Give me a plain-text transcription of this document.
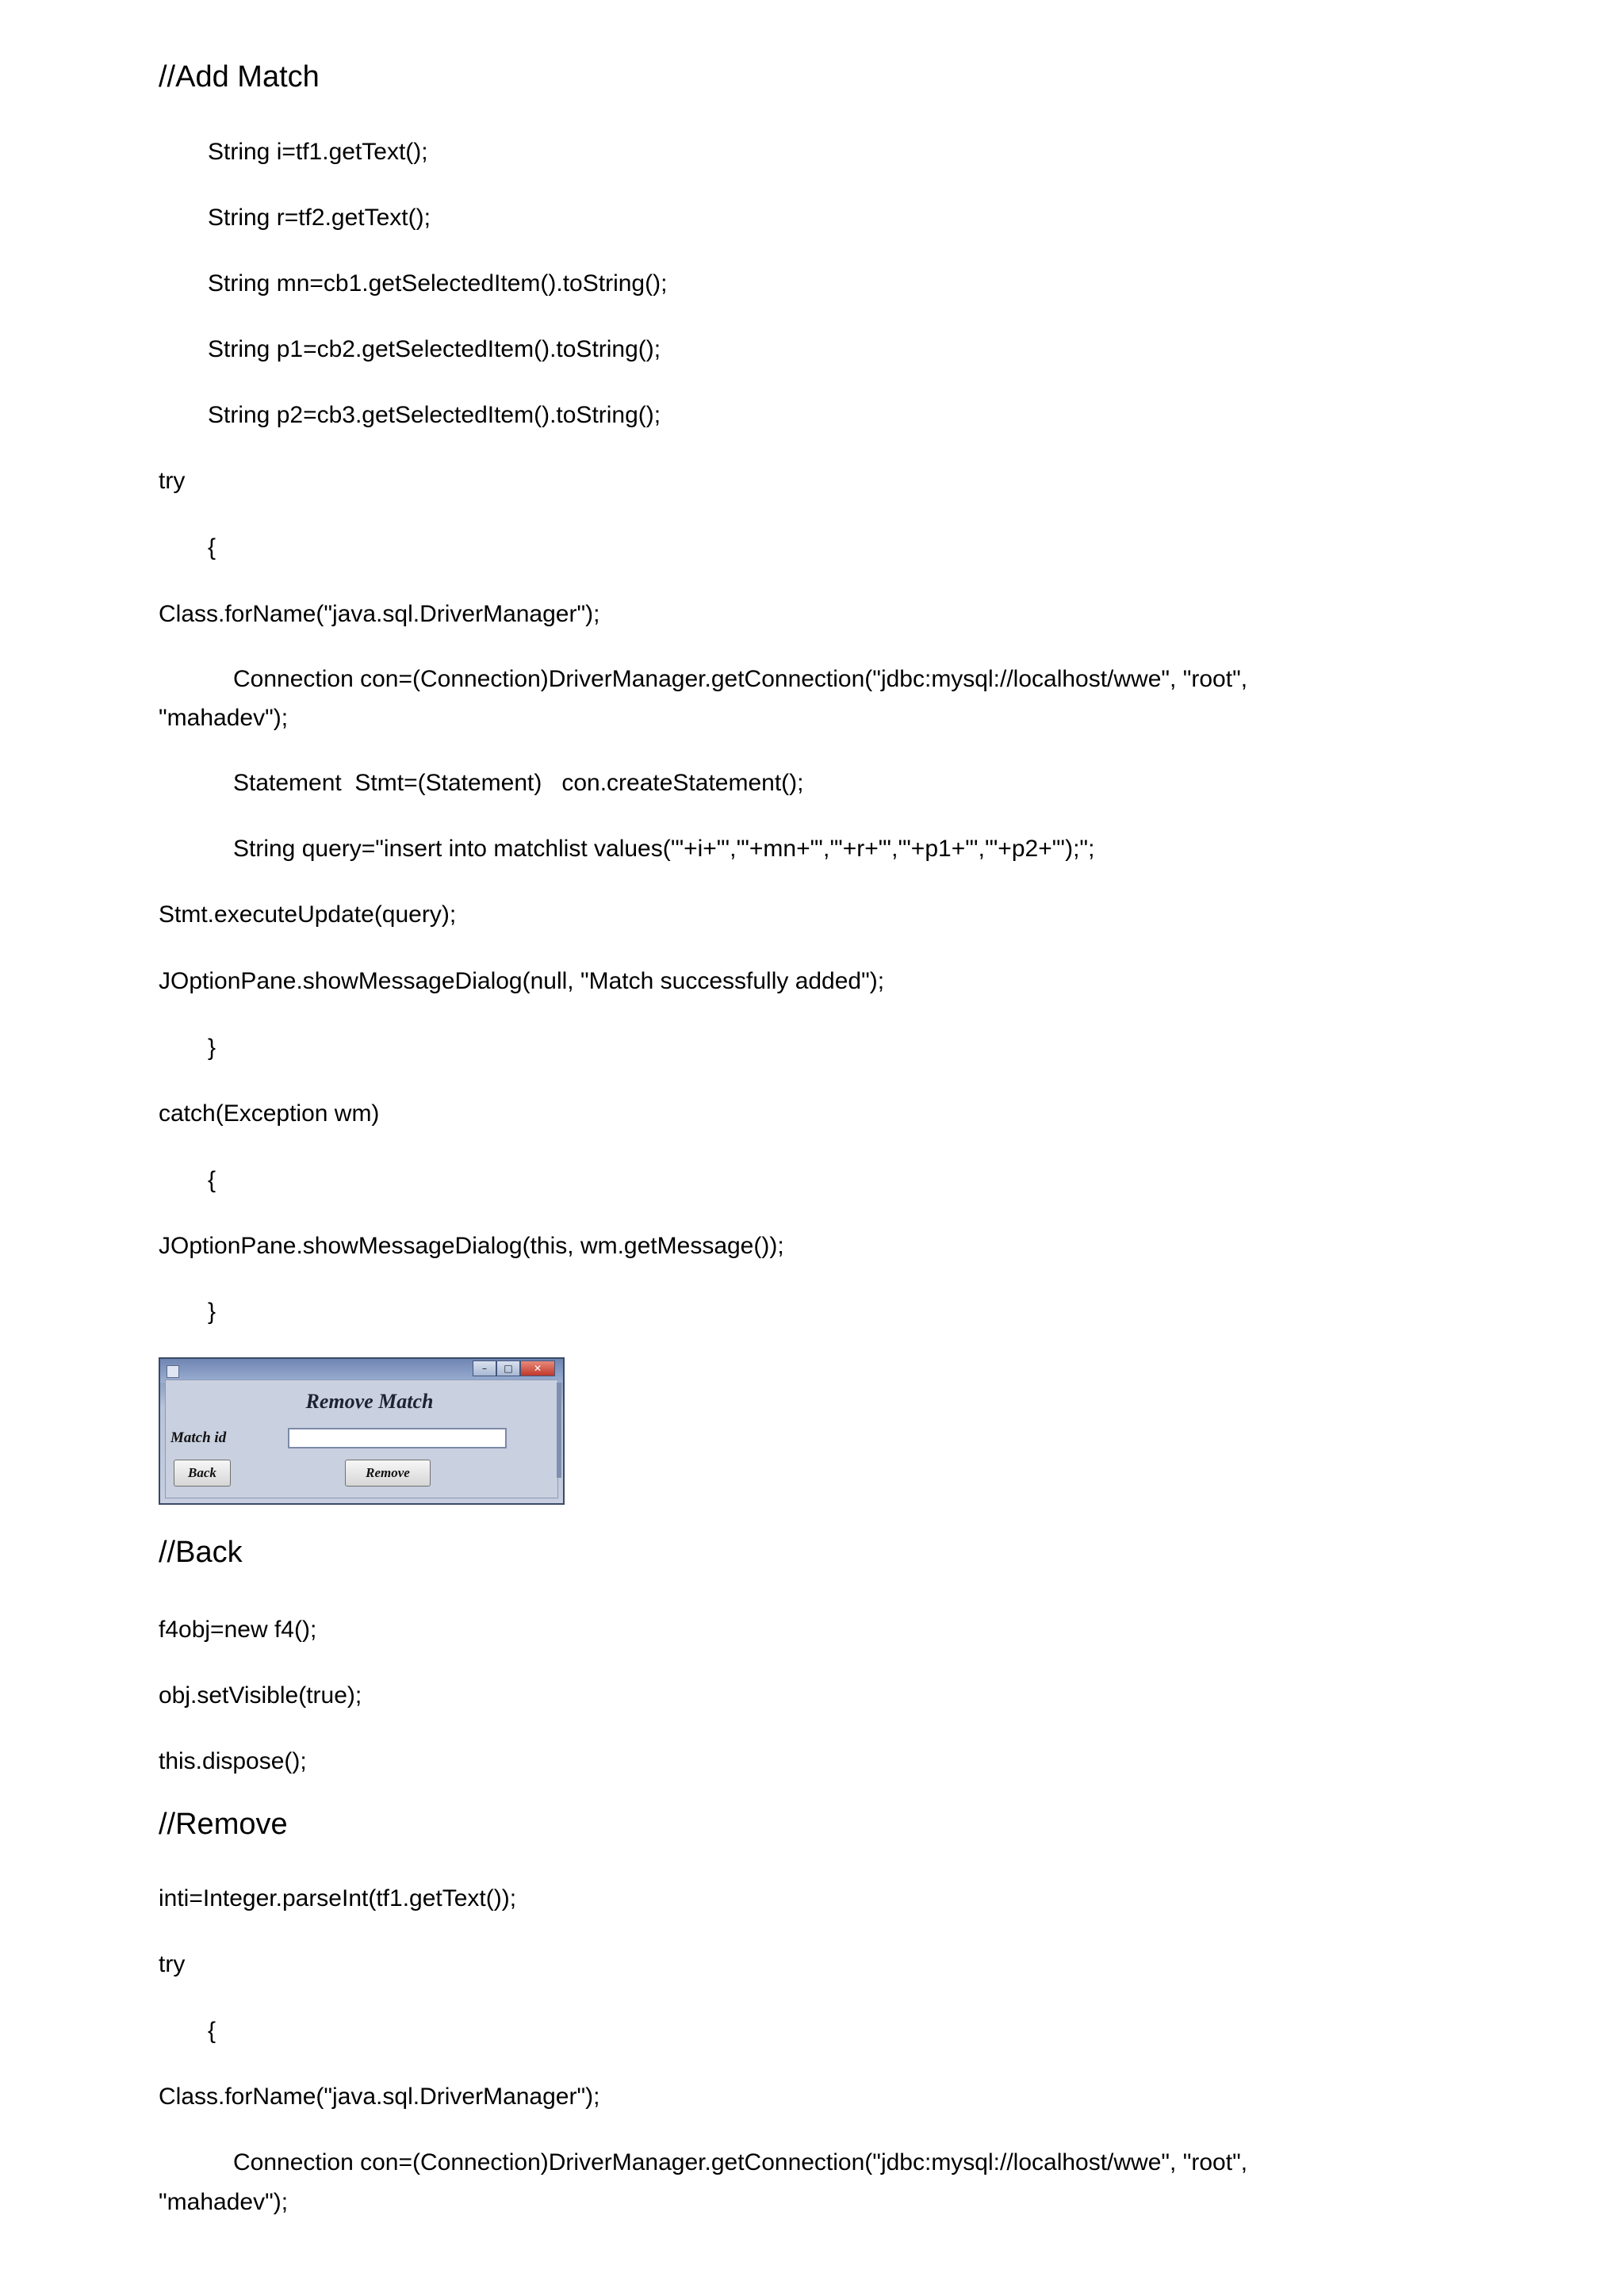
//Add Match
String i=tf1.getText();
String r=tf2.getText();
String mn=cb1.getSelectedItem().toString();
String p1=cb2.getSelectedItem().toString();
String p2=cb3.getSelectedItem().toString();
try
{
Class.forName("java.sql.DriverManager");
Connection con=(Connection)DriverManager.getConnection("jdbc:mysql://localhost/wwe", "root",
"mahadev");
Statement  Stmt=(Statement)   con.createStatement();
String query="insert into matchlist values('"+i+"','"+mn+"','"+r+"','"+p1+"','"+p2+"');";
Stmt.executeUpdate(query);
JOptionPane.showMessageDialog(null, "Match successfully added");
}
catch(Exception wm)
{
JOptionPane.showMessageDialog(this, wm.getMessage());
}
–	□	✕
Remove Match
Match id
Back	Remove
//Back
f4obj=new f4();
obj.setVisible(true);
this.dispose();
//Remove
inti=Integer.parseInt(tf1.getText());
try
{
Class.forName("java.sql.DriverManager");
Connection con=(Connection)DriverManager.getConnection("jdbc:mysql://localhost/wwe", "root",
"mahadev");
